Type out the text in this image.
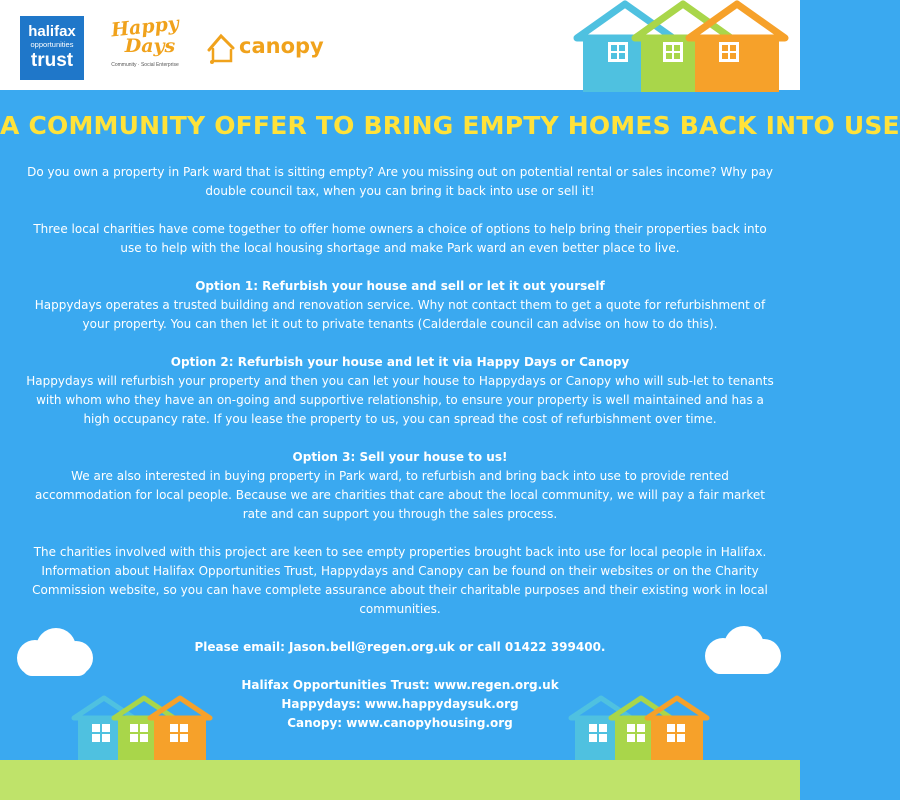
halifax
opportunities
trust
Happy
Days
Community · Social Enterprise
canopy
A COMMUNITY OFFER TO BRING EMPTY HOMES BACK INTO USE

Do you own a property in Park ward that is sitting empty? Are you missing out on potential rental or sales income? Why pay double council tax, when you can bring it back into use or sell it!

Three local charities have come together to offer home owners a choice of options to help bring their properties back into use to help with the local housing shortage and make Park ward an even better place to live.

Option 1: Refurbish your house and sell or let it out yourself
Happydays operates a trusted building and renovation service. Why not contact them to get a quote for refurbishment of your property. You can then let it out to private tenants (Calderdale council can advise on how to do this).

Option 2: Refurbish your house and let it via Happy Days or Canopy
Happydays will refurbish your property and then you can let your house to Happydays or Canopy who will sub-let to tenants with whom who they have an on-going and supportive relationship, to ensure your property is well maintained and has a high occupancy rate. If you lease the property to us, you can spread the cost of refurbishment over time.

Option 3: Sell your house to us!
We are also interested in buying property in Park ward, to refurbish and bring back into use to provide rented accommodation for local people. Because we are charities that care about the local community, we will pay a fair market rate and can support you through the sales process.

The charities involved with this project are keen to see empty properties brought back into use for local people in Halifax. Information about Halifax Opportunities Trust, Happydays and Canopy can be found on their websites or on the Charity Commission website, so you can have complete assurance about their charitable purposes and their existing work in local communities.

Please email: Jason.bell@regen.org.uk or call 01422 399400.

Halifax Opportunities Trust: www.regen.org.uk

Happydays: www.happydaysuk.org

Canopy: www.canopyhousing.org
